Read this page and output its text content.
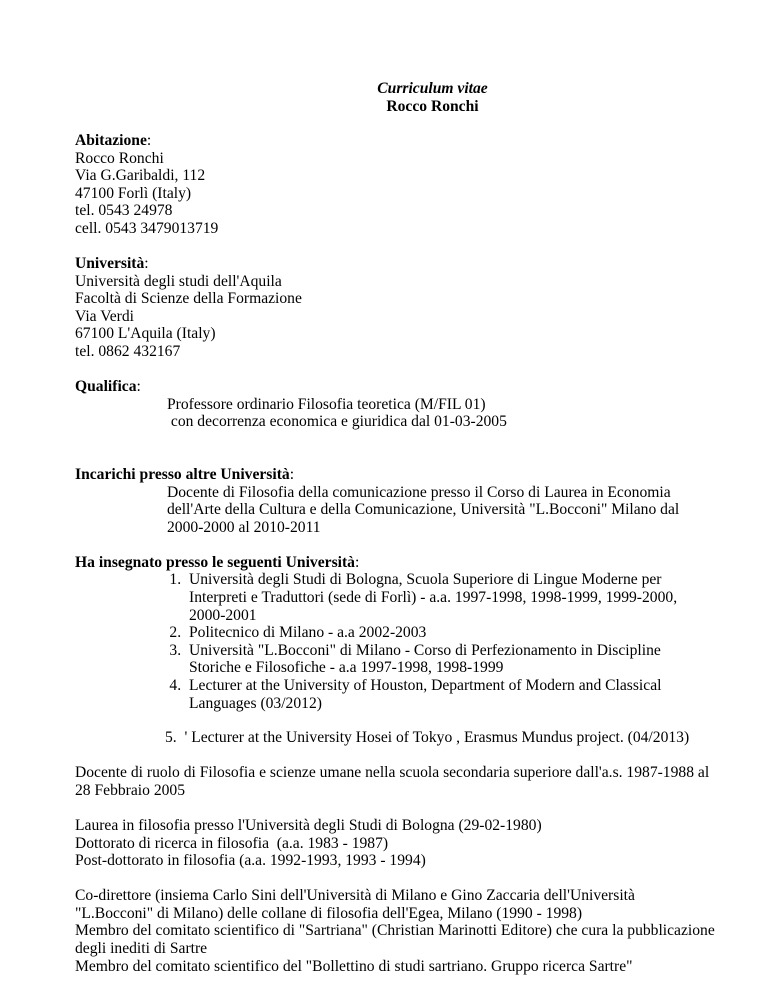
Curriculum vitae
Rocco Ronchi
Abitazione:
Rocco Ronchi
Via G.Garibaldi, 112
47100 Forlì (Italy)
tel. 0543 24978
cell. 0543 3479013719
Università:
Università degli studi dell'Aquila
Facoltà di Scienze della Formazione
Via Verdi
67100 L'Aquila (Italy)
tel. 0862 432167
Qualifica:
Professore ordinario Filosofia teoretica (M/FIL 01)
con decorrenza economica e giuridica dal 01-03-2005
Incarichi presso altre Università:
Docente di Filosofia della comunicazione presso il Corso di Laurea in Economia dell'Arte della Cultura e della Comunicazione, Università "L.Bocconi" Milano dal 2000-2000 al 2010-2011
Ha insegnato presso le seguenti Università:
1. Università degli Studi di Bologna, Scuola Superiore di Lingue Moderne per Interpreti e Traduttori (sede di Forlì) - a.a. 1997-1998, 1998-1999, 1999-2000, 2000-2001
2. Politecnico di Milano - a.a 2002-2003
3. Università "L.Bocconi" di Milano - Corso di Perfezionamento in Discipline Storiche e Filosofiche - a.a 1997-1998, 1998-1999
4. Lecturer at the University of Houston, Department of Modern and Classical Languages (03/2012)
5.  ' Lecturer at the University Hosei of Tokyo , Erasmus Mundus project. (04/2013)
Docente di ruolo di Filosofia e scienze umane nella scuola secondaria superiore dall'a.s. 1987-1988 al 28 Febbraio 2005
Laurea in filosofia presso l'Università degli Studi di Bologna (29-02-1980)
Dottorato di ricerca in filosofia  (a.a. 1983 - 1987)
Post-dottorato in filosofia (a.a. 1992-1993, 1993 - 1994)
Co-direttore (insiema Carlo Sini dell'Università di Milano e Gino Zaccaria dell'Università "L.Bocconi" di Milano) delle collane di filosofia dell'Egea, Milano (1990 - 1998)
Membro del comitato scientifico di "Sartriana" (Christian Marinotti Editore) che cura la pubblicazione degli inediti di Sartre
Membro del comitato scientifico del "Bollettino di studi sartriano. Gruppo ricerca Sartre"
